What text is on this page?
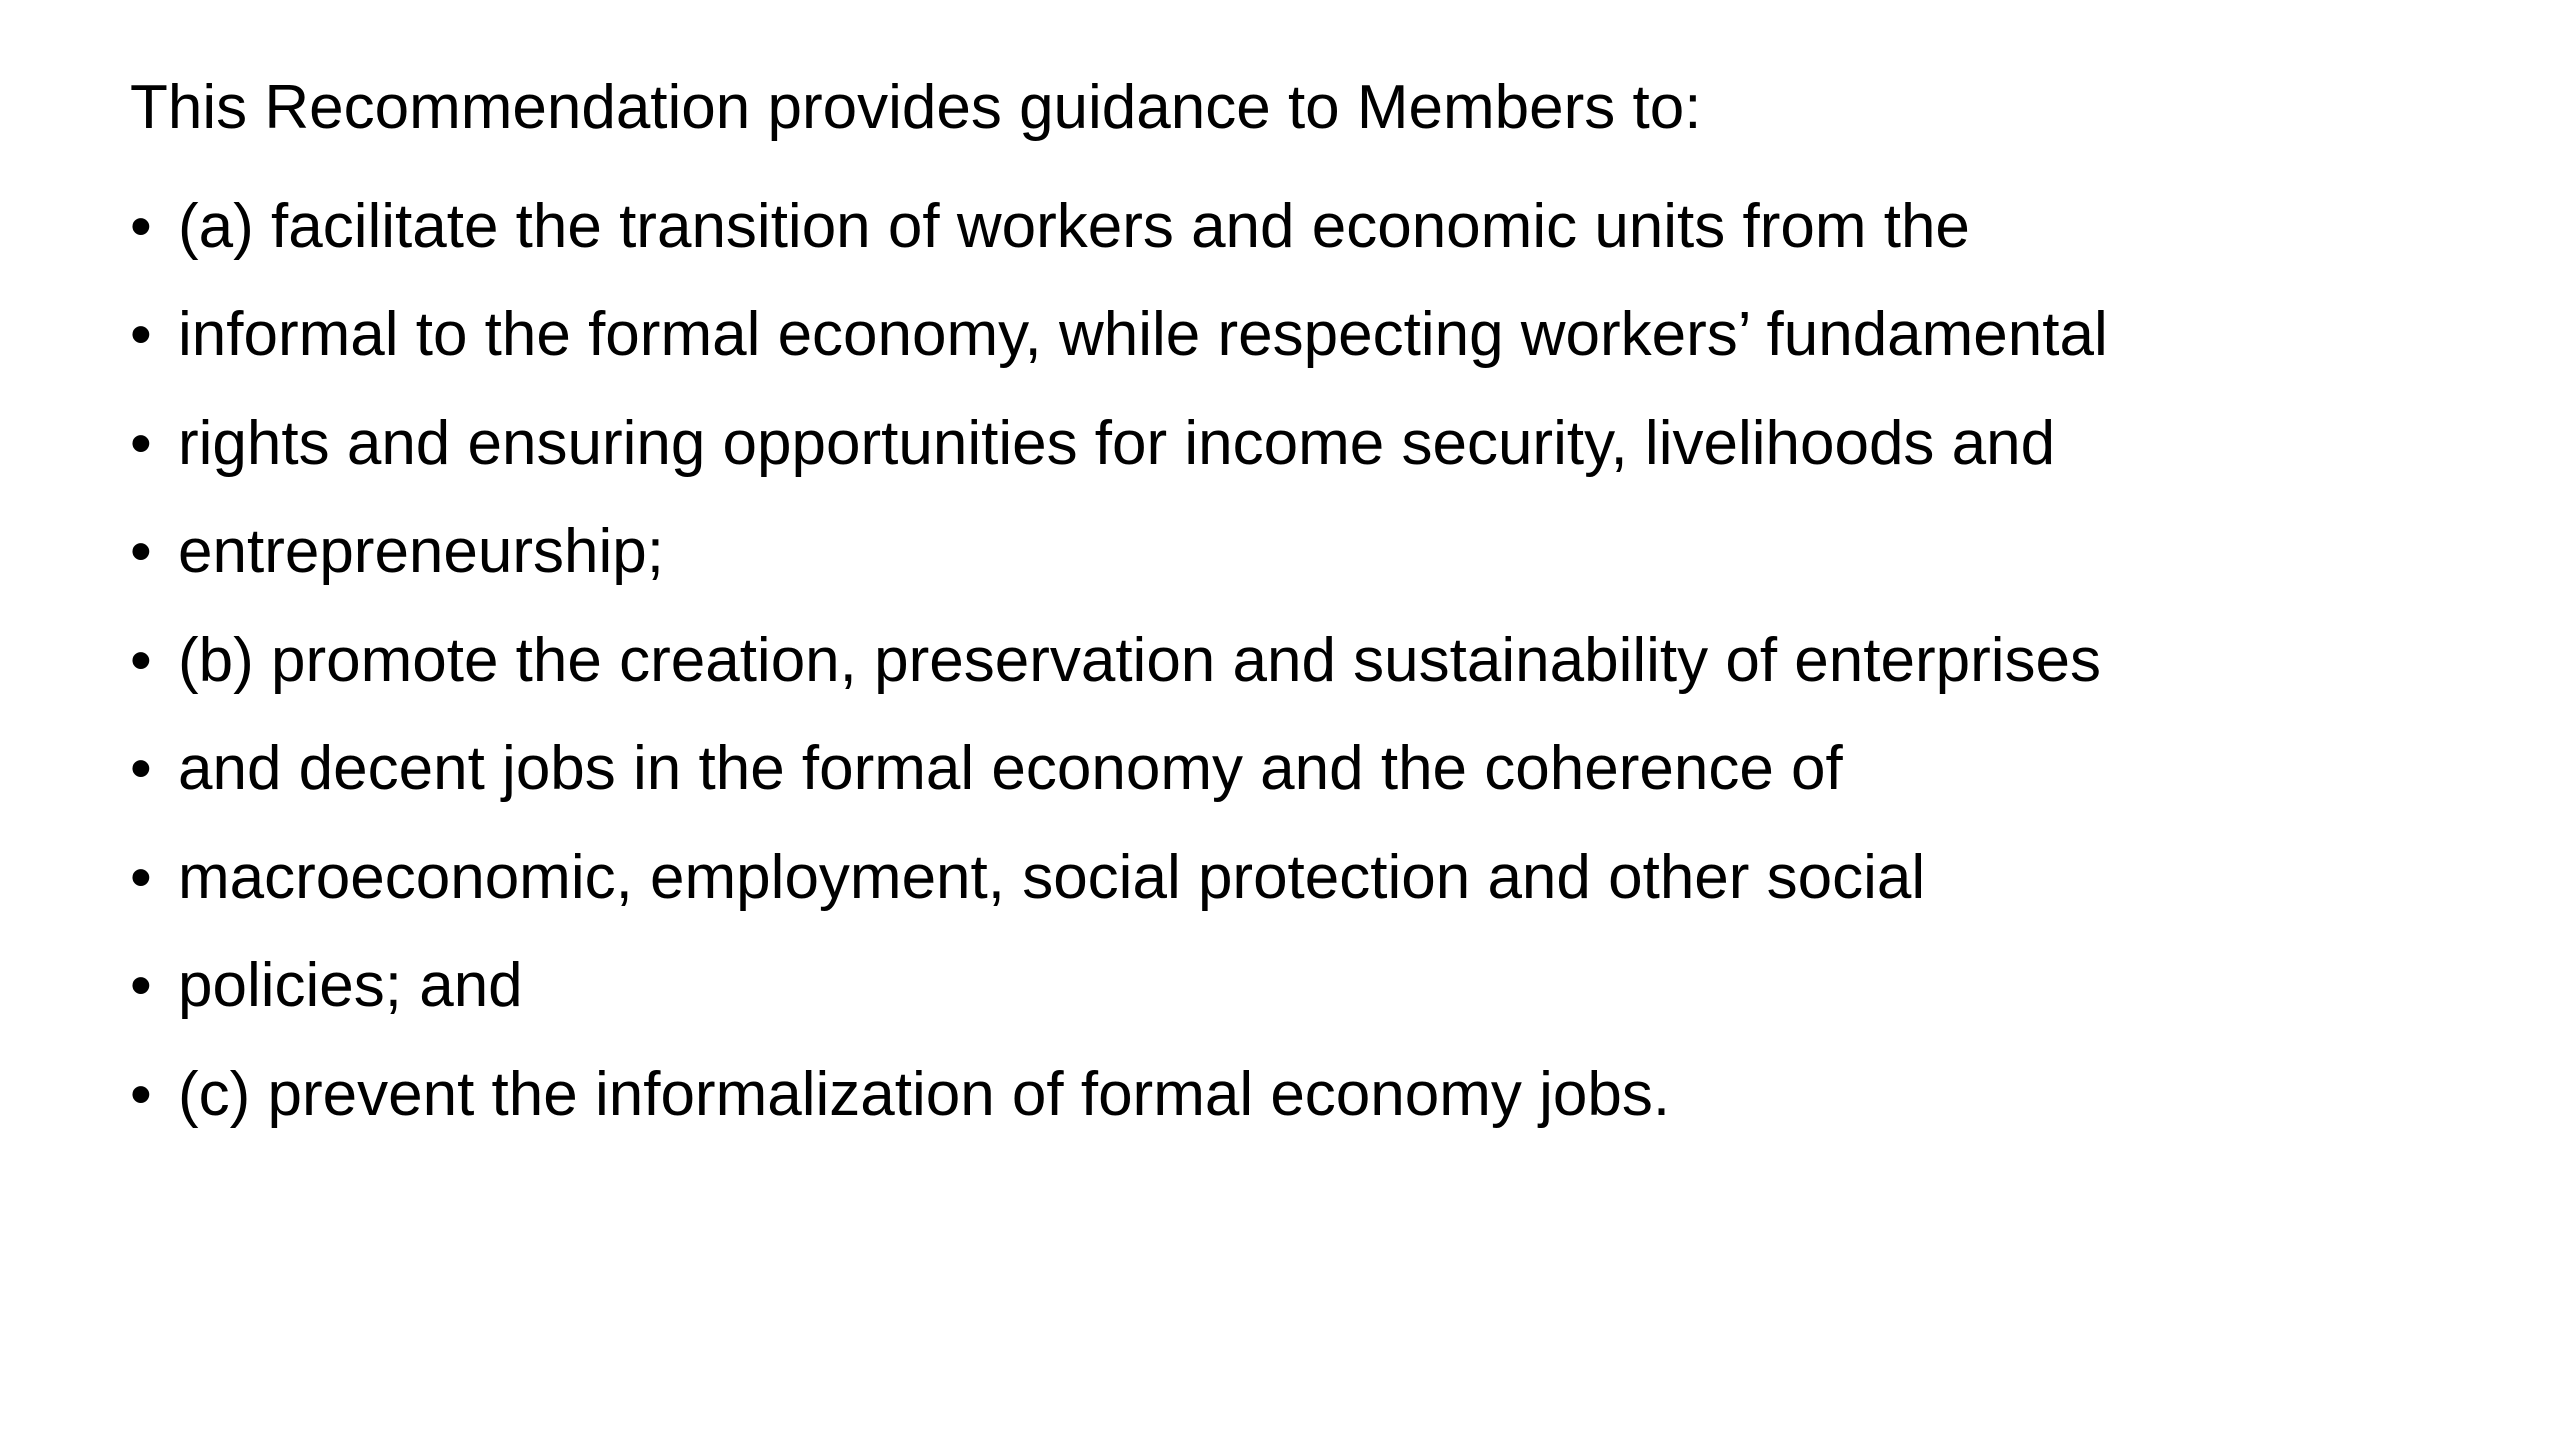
This Recommendation provides guidance to Members to:
• (a) facilitate the transition of workers and economic units from the
• informal to the formal economy, while respecting workers’ fundamental
• rights and ensuring opportunities for income security, livelihoods and
• entrepreneurship;
• (b) promote the creation, preservation and sustainability of enterprises
• and decent jobs in the formal economy and the coherence of
• macroeconomic, employment, social protection and other social
• policies; and
• (c) prevent the informalization of formal economy jobs.
